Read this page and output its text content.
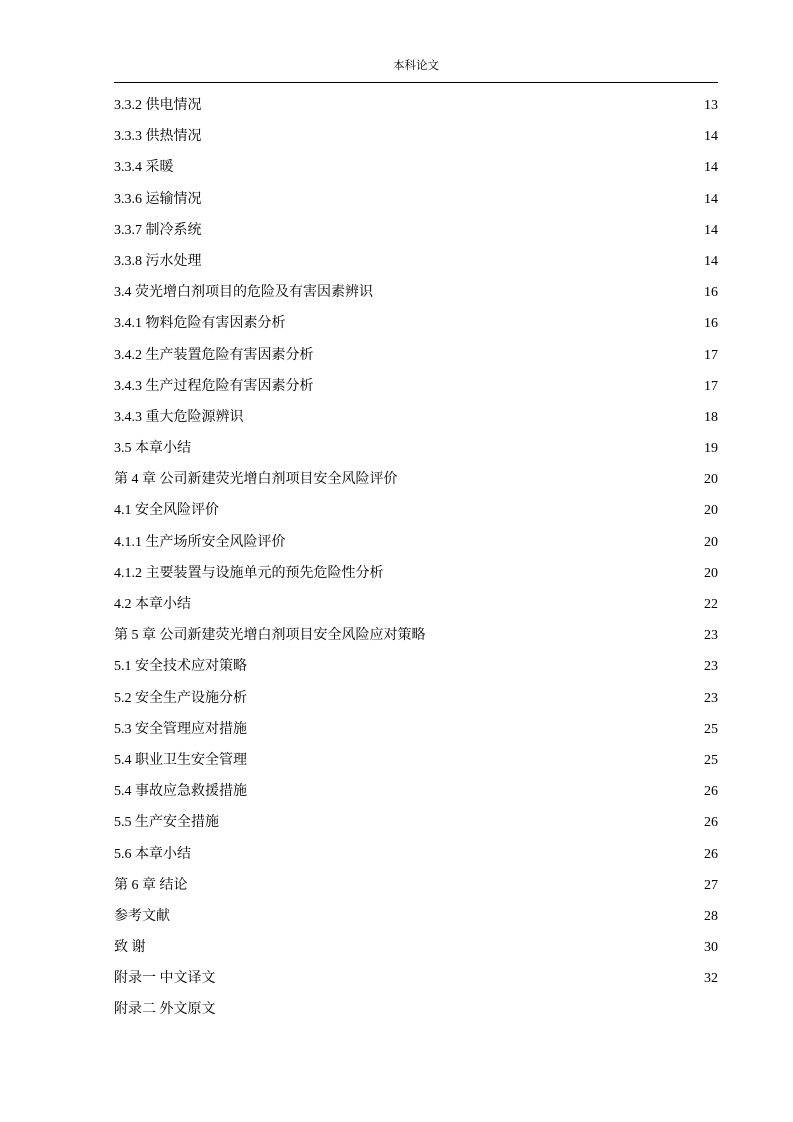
本科论文
3.3.2 供电情况	13
3.3.3 供热情况	14
3.3.4 采暖	14
3.3.6 运输情况	14
3.3.7 制冷系统	14
3.3.8 污水处理	14
3.4 荧光增白剂项目的危险及有害因素辨识	16
3.4.1 物料危险有害因素分析	16
3.4.2 生产装置危险有害因素分析	17
3.4.3 生产过程危险有害因素分析	17
3.4.3 重大危险源辨识	18
3.5 本章小结	19
第 4 章 公司新建荧光增白剂项目安全风险评价	20
4.1 安全风险评价	20
4.1.1 生产场所安全风险评价	20
4.1.2 主要装置与设施单元的预先危险性分析	20
4.2 本章小结	22
第 5 章 公司新建荧光增白剂项目安全风险应对策略	23
5.1 安全技术应对策略	23
5.2 安全生产设施分析	23
5.3 安全管理应对措施	25
5.4 职业卫生安全管理	25
5.4 事故应急救援措施	26
5.5 生产安全措施	26
5.6 本章小结	26
第 6 章 结论	27
参考文献	28
致 谢	30
附录一 中文译文	32
附录二 外文原文
